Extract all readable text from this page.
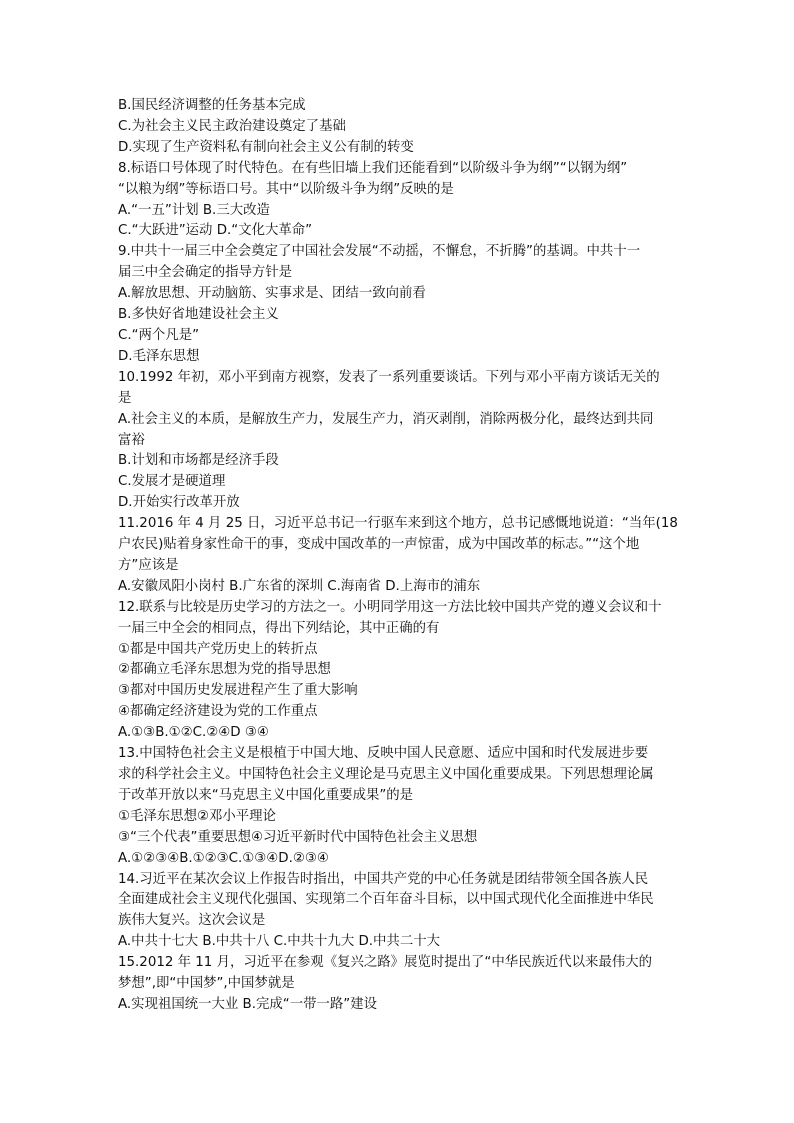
B.国民经济调整的任务基本完成
C.为社会主义民主政治建设奠定了基础
D.实现了生产资料私有制向社会主义公有制的转变
8.标语口号体现了时代特色。在有些旧墙上我们还能看到“以阶级斗争为纲”“以钢为纲”
“以粮为纲”等标语口号。其中“以阶级斗争为纲”反映的是
A.“一五”计划 B.三大改造
C.“大跃进”运动 D.“文化大革命”
9.中共十一届三中全会奠定了中国社会发展“不动摇，不懈怠，不折腾”的基调。中共十一
届三中全会确定的指导方针是
A.解放思想、开动脑筋、实事求是、团结一致向前看
B.多快好省地建设社会主义
C.“两个凡是”
D.毛泽东思想
10.1992 年初，邓小平到南方视察，发表了一系列重要谈话。下列与邓小平南方谈话无关的
是
A.社会主义的本质，是解放生产力，发展生产力，消灭剥削，消除两极分化，最终达到共同
富裕
B.计划和市场都是经济手段
C.发展才是硬道理
D.开始实行改革开放
11.2016 年 4 月 25 日，习近平总书记一行驱车来到这个地方，总书记感慨地说道：“当年(18
户农民)贴着身家性命干的事，变成中国改革的一声惊雷，成为中国改革的标志。”“这个地
方”应该是
A.安徽凤阳小岗村 B.广东省的深圳 C.海南省 D.上海市的浦东
12.联系与比较是历史学习的方法之一。小明同学用这一方法比较中国共产党的遵义会议和十
一届三中全会的相同点，得出下列结论，其中正确的有
①都是中国共产党历史上的转折点
②都确立毛泽东思想为党的指导思想
③都对中国历史发展进程产生了重大影响
④都确定经济建设为党的工作重点
A.①③B.①②C.②④D ③④
13.中国特色社会主义是根植于中国大地、反映中国人民意愿、适应中国和时代发展进步要
求的科学社会主义。中国特色社会主义理论是马克思主义中国化重要成果。下列思想理论属
于改革开放以来“马克思主义中国化重要成果”的是
①毛泽东思想②邓小平理论
③“三个代表”重要思想④习近平新时代中国特色社会主义思想
A.①②③④B.①②③C.①③④D.②③④
14.习近平在某次会议上作报告时指出，中国共产党的中心任务就是团结带领全国各族人民
全面建成社会主义现代化强国、实现第二个百年奋斗目标，以中国式现代化全面推进中华民
族伟大复兴。这次会议是
A.中共十七大 B.中共十八 C.中共十九大 D.中共二十大
15.2012 年 11 月，习近平在参观《复兴之路》展览时提出了“中华民族近代以来最伟大的
梦想”,即“中国梦”,中国梦就是
A.实现祖国统一大业 B.完成“一带一路”建设
